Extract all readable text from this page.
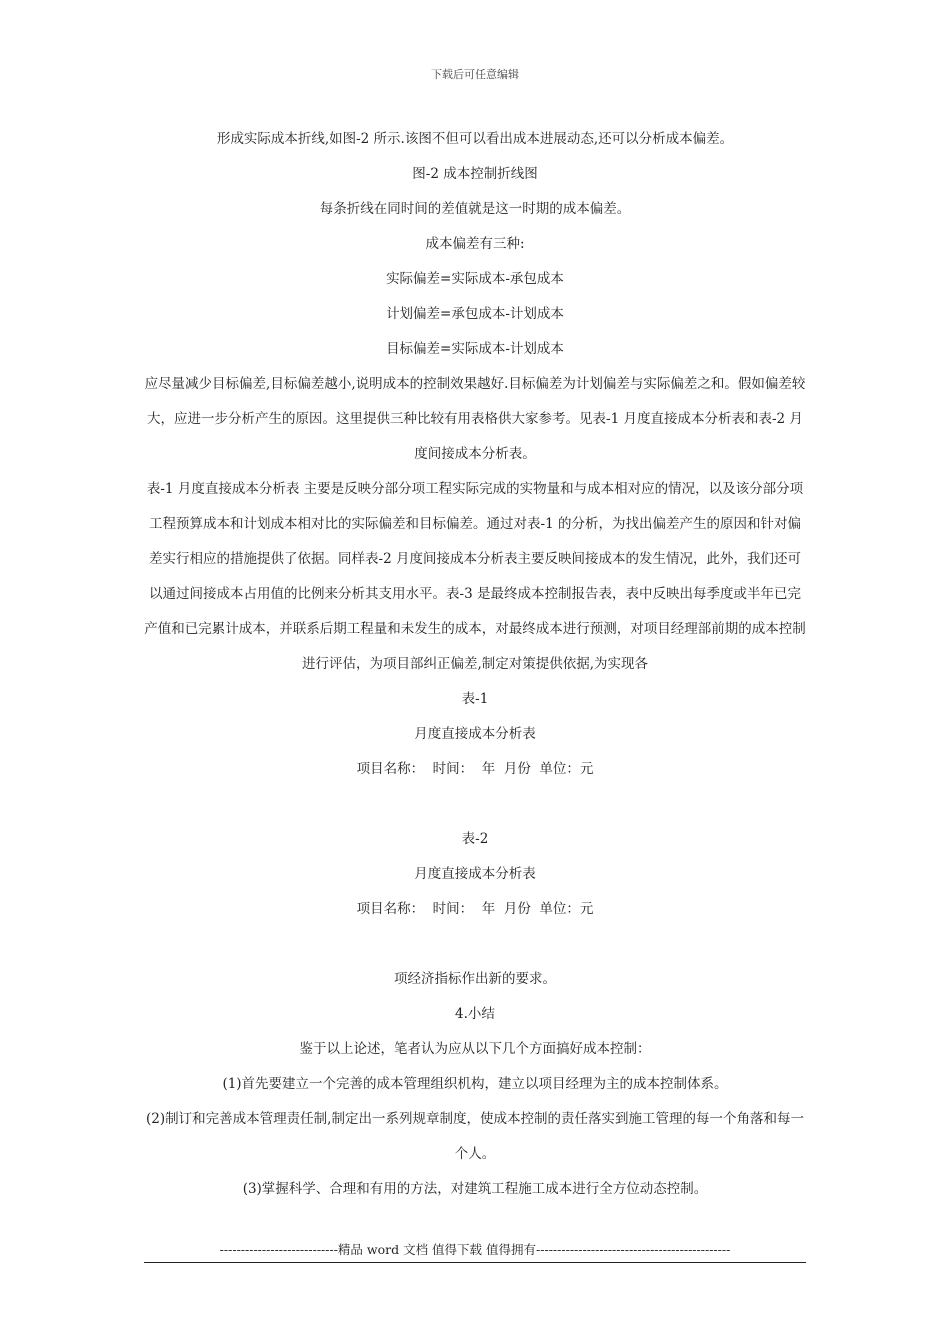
下载后可任意编辑

形成实际成本折线,如图-2 所示.该图不但可以看出成本进展动态,还可以分析成本偏差。

图-2 成本控制折线图

每条折线在同时间的差值就是这一时期的成本偏差。

成本偏差有三种:

实际偏差=实际成本-承包成本

计划偏差=承包成本-计划成本

目标偏差=实际成本-计划成本

应尽量减少目标偏差,目标偏差越小,说明成本的控制效果越好.目标偏差为计划偏差与实际偏差之和。假如偏差较大，应进一步分析产生的原因。这里提供三种比较有用表格供大家参考。见表-1 月度直接成本分析表和表-2 月度间接成本分析表。

表-1 月度直接成本分析表 主要是反映分部分项工程实际完成的实物量和与成本相对应的情况，以及该分部分项工程预算成本和计划成本相对比的实际偏差和目标偏差。通过对表-1 的分析，为找出偏差产生的原因和针对偏差实行相应的措施提供了依据。同样表-2 月度间接成本分析表主要反映间接成本的发生情况，此外，我们还可以通过间接成本占用值的比例来分析其支用水平。表-3 是最终成本控制报告表，表中反映出每季度或半年已完产值和已完累计成本，并联系后期工程量和未发生的成本，对最终成本进行预测，对项目经理部前期的成本控制进行评估，为项目部纠正偏差,制定对策提供依据,为实现各

表-1

月度直接成本分析表

项目名称：  时间：  年  月份  单位：元

表-2

月度直接成本分析表

项目名称：  时间：  年  月份  单位：元

项经济指标作出新的要求。

4.小结

鉴于以上论述，笔者认为应从以下几个方面搞好成本控制：

(1)首先要建立一个完善的成本管理组织机构，建立以项目经理为主的成本控制体系。

(2)制订和完善成本管理责任制,制定出一系列规章制度，使成本控制的责任落实到施工管理的每一个角落和每一个人。

(3)掌握科学、合理和有用的方法，对建筑工程施工成本进行全方位动态控制。

----------------------------精品 word 文档 值得下载 值得拥有----------------------------------------------
